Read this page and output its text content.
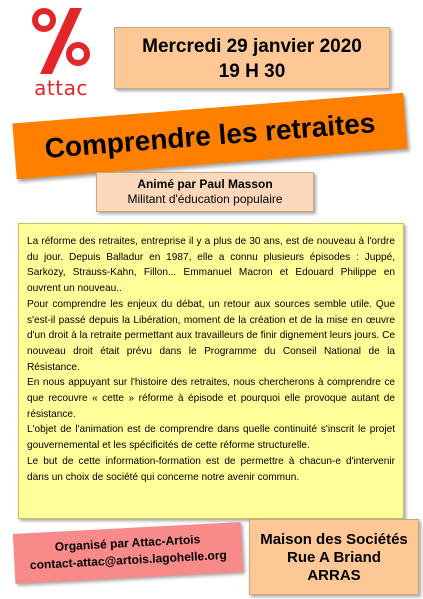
attac
Mercredi 29 janvier 2020
19 H 30
Comprendre les retraites
Animé par Paul Masson
Militant d'éducation populaire

La réforme des retraites, entreprise il y a plus de 30 ans, est de nouveau à l'ordre du jour. Depuis Balladur en 1987, elle a connu plusieurs épisodes : Juppé, Sarkozy, Strauss-Kahn, Fillon... Emmanuel Macron et Edouard Philippe en ouvrent un nouveau..

Pour comprendre les enjeux du débat, un retour aux sources semble utile. Que s'est-il passé depuis la Libération, moment de la création et de la mise en œuvre d'un droit à la retraite permettant aux travailleurs de finir dignement leurs jours. Ce nouveau droit était prévu dans le Programme du Conseil National de la Résistance.

En nous appuyant sur l'histoire des retraites, nous chercherons à comprendre ce que recouvre « cette » réforme à épisode et pourquoi elle provoque autant de résistance.

L'objet de l'animation est de comprendre dans quelle continuité s'inscrit le projet gouvernemental et les spécificités de cette réforme structurelle.

Le but de cette information-formation est de permettre à chacun-e d'intervenir dans un choix de société qui concerne notre avenir commun.

Organisé par Attac-Artois
contact-attac@artois.lagohelle.org
Maison des Sociétés
Rue A Briand
ARRAS
